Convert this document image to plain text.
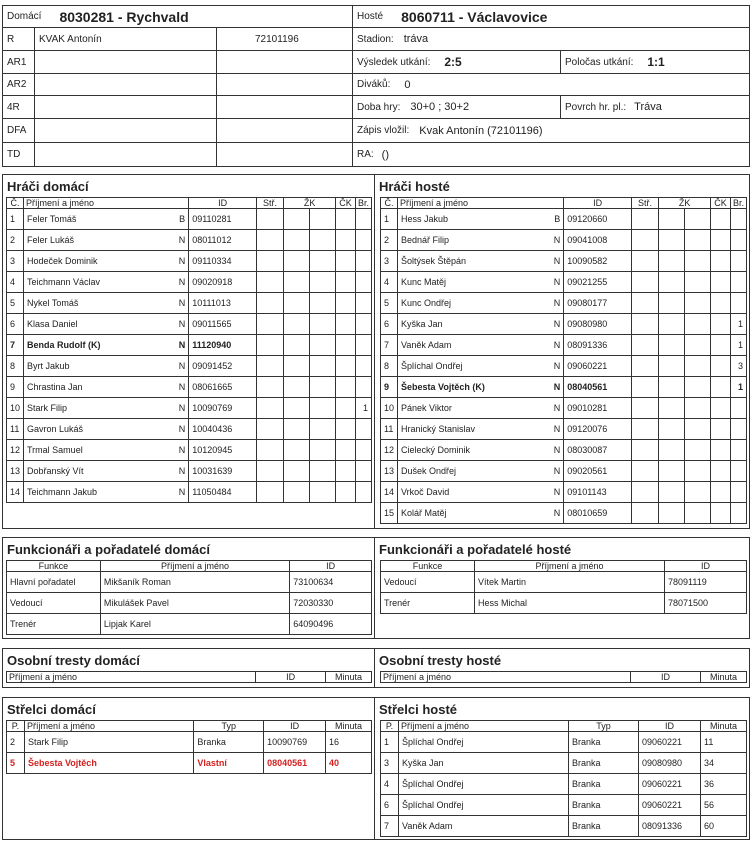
Domácí 8030281 - Rychvald
R	KVAK Antonín	72101196
AR1
AR2
4R
DFA
TD
Hosté 8060711 - Václavovice
Stadion: tráva
Výsledek utkání: 2:5	Poločas utkání: 1:1
Diváků: 0
Doba hry: 30+0 ; 30+2	Povrch hr. pl.: Tráva
Zápis vložil: Kvak Antonín (72101196)
RA: ()
Hráči domácí
Č.	Příjmení a jméno		ID	Stř.	ŽK		ČK	Br.
1	Feler Tomáš	B	09110281					
2	Feler Lukáš	N	08011012					
3	Hodeček Dominik	N	09110334					
4	Teichmann Václav	N	09020918					
5	Nykel Tomáš	N	10111013					
6	Klasa Daniel	N	09011565					
7	Benda Rudolf (K)	N	11120940					
8	Byrt Jakub	N	09091452					
9	Chrastina Jan	N	08061665					
10	Stark Filip	N	10090769					1
11	Gavron Lukáš	N	10040436					
12	Trmal Samuel	N	10120945					
13	Dobřanský Vít	N	10031639					
14	Teichmann Jakub	N	11050484					
Hráči hosté
Č.	Příjmení a jméno		ID	Stř.	ŽK		ČK	Br.
1	Hess Jakub	B	09120660					
2	Bednář Filip	N	09041008					
3	Šoltýsek Štěpán	N	10090582					
4	Kunc Matěj	N	09021255					
5	Kunc Ondřej	N	09080177					
6	Kyška Jan	N	09080980					1
7	Vaněk Adam	N	08091336					1
8	Šplíchal Ondřej	N	09060221					3
9	Šebesta Vojtěch (K)	N	08040561					1
10	Pánek Viktor	N	09010281					
11	Hranický Stanislav	N	09120076					
12	Cielecký Dominik	N	08030087					
13	Dušek Ondřej	N	09020561					
14	Vrkoč David	N	09101143					
15	Kolář Matěj	N	08010659					
Funkcionáři a pořadatelé domácí
Funkce	Příjmení a jméno	ID
Hlavní pořadatel	Mikšaník Roman	73100634
Vedoucí	Mikulášek Pavel	72030330
Trenér	Lipjak Karel	64090496
Funkcionáři a pořadatelé hosté
Funkce	Příjmení a jméno	ID
Vedoucí	Vítek Martin	78091119
Trenér	Hess Michal	78071500
Osobní tresty domácí
Příjmení a jméno	ID	Minuta
Osobní tresty hosté
Příjmení a jméno	ID	Minuta
Střelci domácí
P.	Příjmení a jméno	Typ	ID	Minuta
2	Stark Filip	Branka	10090769	16
5	Šebesta Vojtěch	Vlastní	08040561	40
Střelci hosté
P.	Příjmení a jméno	Typ	ID	Minuta
1	Šplíchal Ondřej	Branka	09060221	11
3	Kyška Jan	Branka	09080980	34
4	Šplíchal Ondřej	Branka	09060221	36
6	Šplíchal Ondřej	Branka	09060221	56
7	Vaněk Adam	Branka	08091336	60
